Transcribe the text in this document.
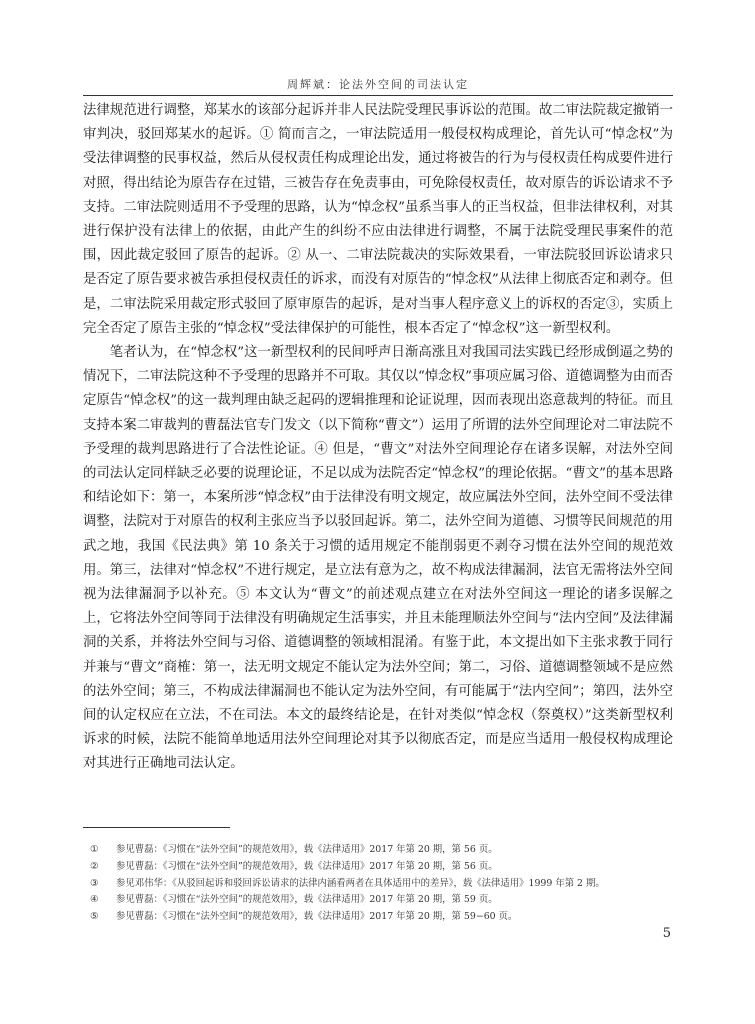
周辉斌：论法外空间的司法认定

法律规范进行调整，郑某水的该部分起诉并非人民法院受理民事诉讼的范围。故二审法院裁定撤销一审判决，驳回郑某水的起诉。① 简而言之，一审法院适用一般侵权构成理论，首先认可“悼念权”为受法律调整的民事权益，然后从侵权责任构成理论出发，通过将被告的行为与侵权责任构成要件进行对照，得出结论为原告存在过错，三被告存在免责事由，可免除侵权责任，故对原告的诉讼请求不予支持。二审法院则适用不予受理的思路，认为“悼念权”虽系当事人的正当权益，但非法律权利，对其进行保护没有法律上的依据，由此产生的纠纷不应由法律进行调整，不属于法院受理民事案件的范围，因此裁定驳回了原告的起诉。② 从一、二审法院裁决的实际效果看，一审法院驳回诉讼请求只是否定了原告要求被告承担侵权责任的诉求，而没有对原告的“悼念权”从法律上彻底否定和剥夺。但是，二审法院采用裁定形式驳回了原审原告的起诉，是对当事人程序意义上的诉权的否定③，实质上完全否定了原告主张的“悼念权”受法律保护的可能性，根本否定了“悼念权”这一新型权利。

笔者认为，在“悼念权”这一新型权利的民间呼声日渐高涨且对我国司法实践已经形成倒逼之势的情况下，二审法院这种不予受理的思路并不可取。其仅以“悼念权”事项应属习俗、道德调整为由而否定原告“悼念权”的这一裁判理由缺乏起码的逻辑推理和论证说理，因而表现出恣意裁判的特征。而且支持本案二审裁判的曹磊法官专门发文（以下简称“曹文”）运用了所谓的法外空间理论对二审法院不予受理的裁判思路进行了合法性论证。④ 但是，“曹文”对法外空间理论存在诸多误解，对法外空间的司法认定同样缺乏必要的说理论证，不足以成为法院否定“悼念权”的理论依据。“曹文”的基本思路和结论如下：第一，本案所涉“悼念权”由于法律没有明文规定，故应属法外空间，法外空间不受法律调整，法院对于对原告的权利主张应当予以驳回起诉。第二，法外空间为道德、习惯等民间规范的用武之地，我国《民法典》第 10 条关于习惯的适用规定不能削弱更不剥夺习惯在法外空间的规范效用。第三，法律对“悼念权”不进行规定，是立法有意为之，故不构成法律漏洞，法官无需将法外空间视为法律漏洞予以补充。⑤ 本文认为“曹文”的前述观点建立在对法外空间这一理论的诸多误解之上，它将法外空间等同于法律没有明确规定生活事实，并且未能理顺法外空间与“法内空间”及法律漏洞的关系，并将法外空间与习俗、道德调整的领域相混淆。有鉴于此，本文提出如下主张求教于同行并兼与“曹文”商榷：第一，法无明文规定不能认定为法外空间；第二，习俗、道德调整领域不是应然的法外空间；第三，不构成法律漏洞也不能认定为法外空间，有可能属于“法内空间”；第四，法外空间的认定权应在立法，不在司法。本文的最终结论是，在针对类似“悼念权（祭奠权）”这类新型权利诉求的时候，法院不能简单地适用法外空间理论对其予以彻底否定，而是应当适用一般侵权构成理论对其进行正确地司法认定。

①	参见曹磊：《习惯在“法外空间”的规范效用》，载《法律适用》2017 年第 20 期，第 56 页。
②	参见曹磊：《习惯在“法外空间”的规范效用》，载《法律适用》2017 年第 20 期，第 56 页。
③	参见邓伟华：《从驳回起诉和驳回诉讼请求的法律内涵看两者在具体适用中的差异》，载《法律适用》1999 年第 2 期。
④	参见曹磊：《习惯在“法外空间”的规范效用》，载《法律适用》2017 年第 20 期，第 59 页。
⑤	参见曹磊：《习惯在“法外空间”的规范效用》，载《法律适用》2017 年第 20 期，第 59−60 页。
5
